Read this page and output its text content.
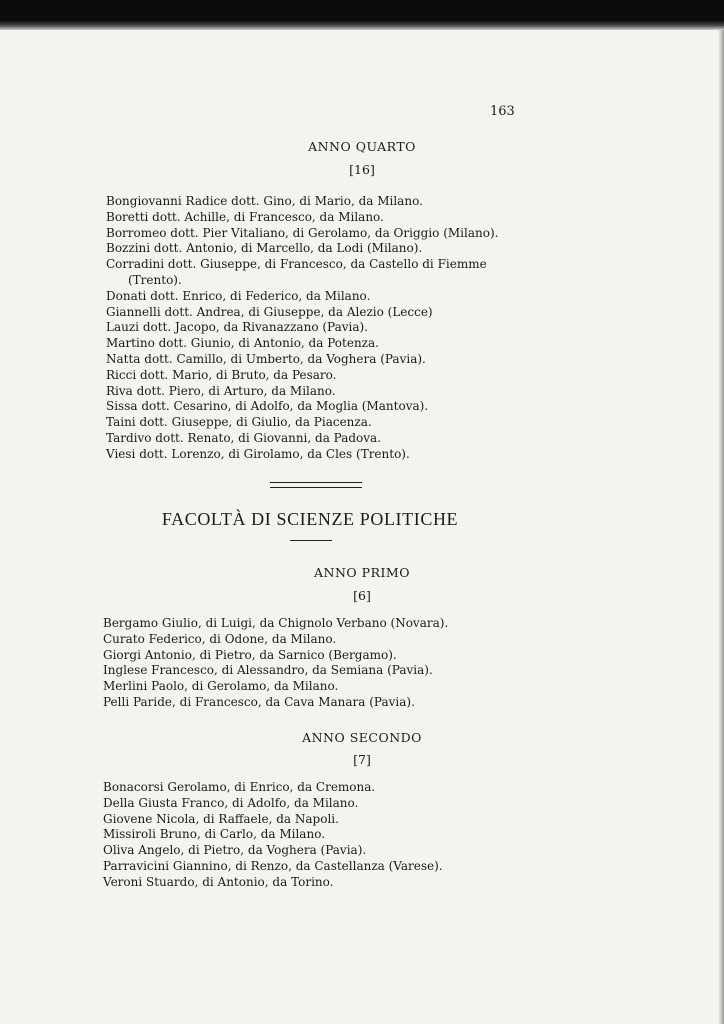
163
ANNO QUARTO
[16]
Bongiovanni Radice dott. Gino, di Mario, da Milano.
Boretti dott. Achille, di Francesco, da Milano.
Borromeo dott. Pier Vitaliano, di Gerolamo, da Origgio (Milano).
Bozzini dott. Antonio, di Marcello, da Lodi (Milano).
Corradini dott. Giuseppe, di Francesco, da Castello di Fiemme
(Trento).
Donati dott. Enrico, di Federico, da Milano.
Giannelli dott. Andrea, di Giuseppe, da Alezio (Lecce)
Lauzi dott. Jacopo, da Rivanazzano (Pavia).
Martino dott. Giunio, di Antonio, da Potenza.
Natta dott. Camillo, di Umberto, da Voghera (Pavia).
Ricci dott. Mario, di Bruto, da Pesaro.
Riva dott. Piero, di Arturo, da Milano.
Sissa dott. Cesarino, di Adolfo, da Moglia (Mantova).
Taini dott. Giuseppe, di Giulio, da Piacenza.
Tardivo dott. Renato, di Giovanni, da Padova.
Viesi dott. Lorenzo, di Girolamo, da Cles (Trento).
FACOLTÀ DI SCIENZE POLITICHE
ANNO PRIMO
[6]
Bergamo Giulio, di Luigi, da Chignolo Verbano (Novara).
Curato Federico, di Odone, da Milano.
Giorgi Antonio, di Pietro, da Sarnico (Bergamo).
Inglese Francesco, di Alessandro, da Semiana (Pavia).
Merlini Paolo, di Gerolamo, da Milano.
Pelli Paride, di Francesco, da Cava Manara (Pavia).
ANNO SECONDO
[7]
Bonacorsi Gerolamo, di Enrico, da Cremona.
Della Giusta Franco, di Adolfo, da Milano.
Giovene Nicola, di Raffaele, da Napoli.
Missiroli Bruno, di Carlo, da Milano.
Oliva Angelo, di Pietro, da Voghera (Pavia).
Parravicini Giannino, di Renzo, da Castellanza (Varese).
Veroni Stuardo, di Antonio, da Torino.
